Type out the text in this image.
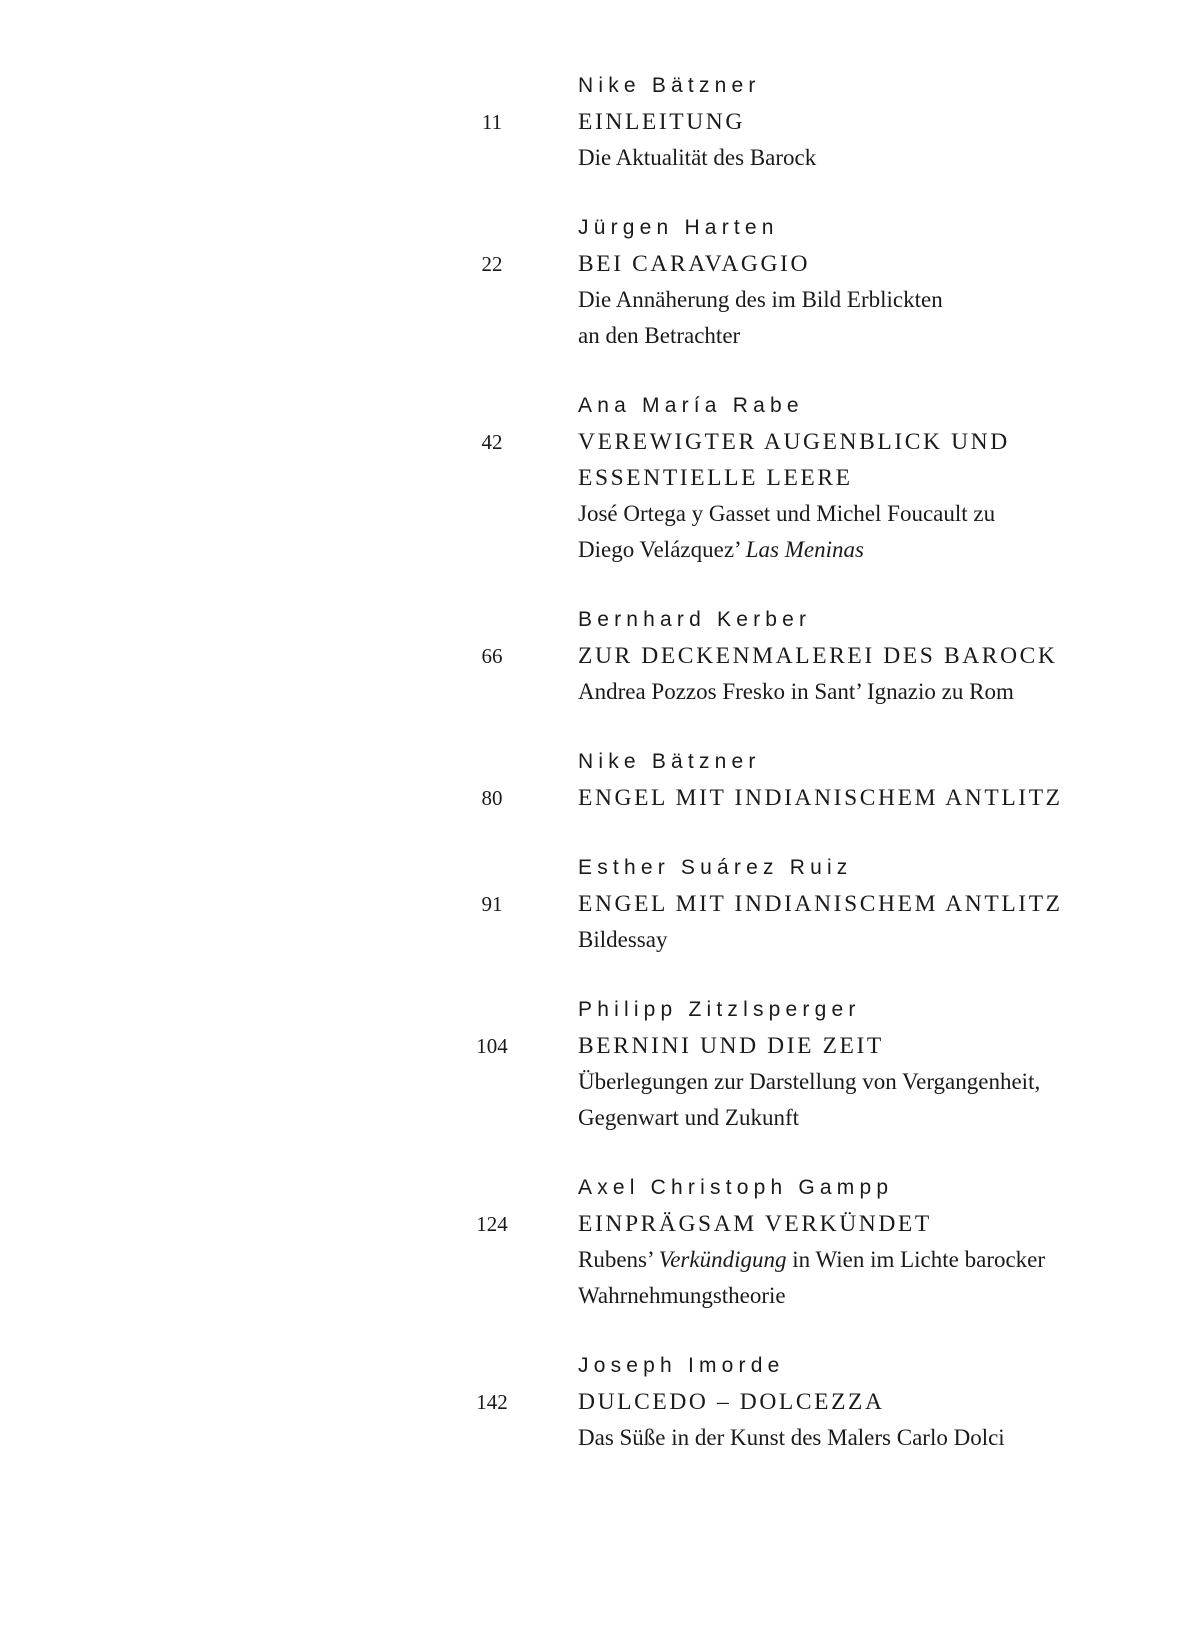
Nike Bätzner
11	EINLEITUNG
Die Aktualität des Barock
Jürgen Harten
22	BEI CARAVAGGIO
Die Annäherung des im Bild Erblickten
an den Betrachter
Ana María Rabe
42	VEREWIGTER AUGENBLICK UND
ESSENTIELLE LEERE
José Ortega y Gasset und Michel Foucault zu
Diego Velázquez’ Las Meninas
Bernhard Kerber
66	ZUR DECKENMALEREI DES BAROCK
Andrea Pozzos Fresko in Sant’ Ignazio zu Rom
Nike Bätzner
80	ENGEL MIT INDIANISCHEM ANTLITZ
Esther Suárez Ruiz
91	ENGEL MIT INDIANISCHEM ANTLITZ
Bildessay
Philipp Zitzlsperger
104	BERNINI UND DIE ZEIT
Überlegungen zur Darstellung von Vergangenheit,
Gegenwart und Zukunft
Axel Christoph Gampp
124	EINPRÄGSAM VERKÜNDET
Rubens’ Verkündigung in Wien im Lichte barocker
Wahrnehmungstheorie
Joseph Imorde
142	DULCEDO – DOLCEZZA
Das Süße in der Kunst des Malers Carlo Dolci
